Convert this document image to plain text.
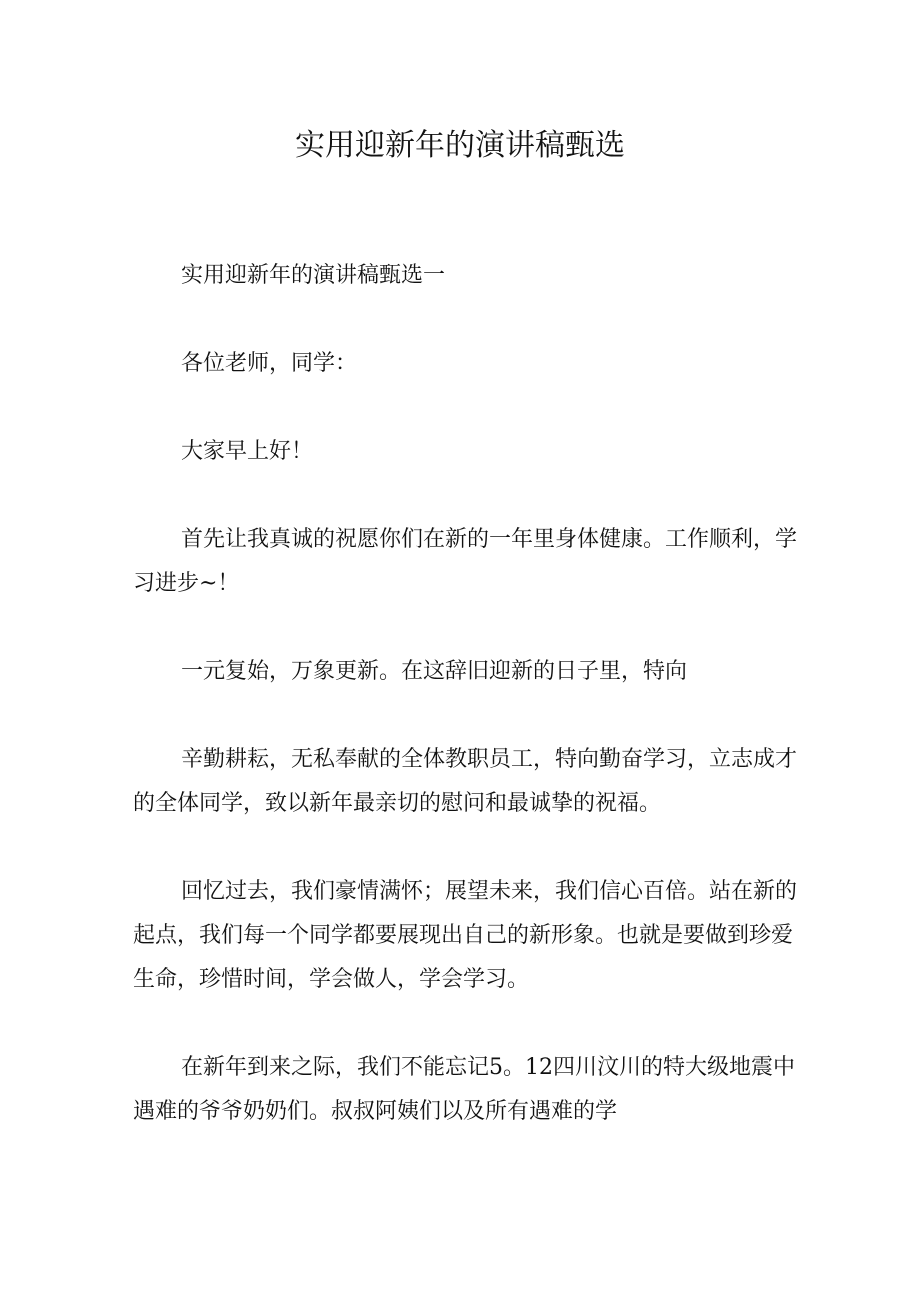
实用迎新年的演讲稿甄选

实用迎新年的演讲稿甄选一

各位老师，同学：

大家早上好！

首先让我真诚的祝愿你们在新的一年里身体健康。工作顺利，学习进步~！

一元复始，万象更新。在这辞旧迎新的日子里，特向

辛勤耕耘，无私奉献的全体教职员工，特向勤奋学习，立志成才的全体同学，致以新年最亲切的慰问和最诚挚的祝福。

回忆过去，我们豪情满怀；展望未来，我们信心百倍。站在新的起点，我们每一个同学都要展现出自己的新形象。也就是要做到珍爱生命，珍惜时间，学会做人，学会学习。

在新年到来之际，我们不能忘记5。12四川汶川的特大级地震中遇难的爷爷奶奶们。叔叔阿姨们以及所有遇难的学
